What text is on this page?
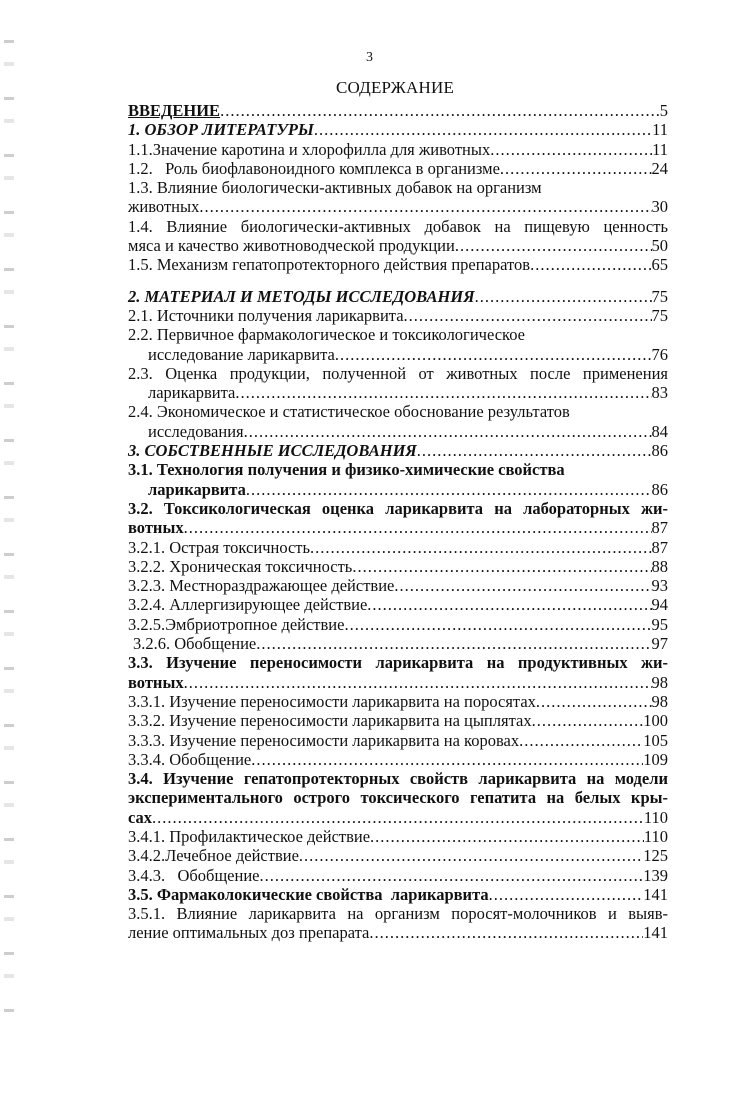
3
СОДЕРЖАНИЕ
ВВЕДЕНИЕ .....	5
1. ОБЗОР ЛИТЕРАТУРЫ .....	11
1.1.Значение каротина и хлорофилла для животных .....	11
1.2.   Роль биофлавоноидного комплекса в организме .....	24
1.3. Влияние биологически-активных добавок на организм
животных .....	30
1.4. Влияние биологически-активных добавок на пищевую ценность
мяса и качество животноводческой продукции .....	50
1.5. Механизм гепатопротекторного действия препаратов .....	65
2. МАТЕРИАЛ И МЕТОДЫ ИССЛЕДОВАНИЯ .....	75
2.1. Источники получения ларикарвита .....	75
2.2. Первичное фармакологическое и токсикологическое
исследование ларикарвита .....	76
2.3. Оценка продукции, полученной от животных после применения
ларикарвита .....	83
2.4. Экономическое и статистическое обоснование результатов
исследования .....	84
3. СОБСТВЕННЫЕ ИССЛЕДОВАНИЯ .....	86
3.1. Технология получения и физико-химические свойства
ларикарвита .....	86
3.2. Токсикологическая оценка ларикарвита на лабораторных жи-
вотных .....	87
3.2.1. Острая токсичность .....	87
3.2.2. Хроническая токсичность .....	88
3.2.3. Местнораздражающее действие .....	93
3.2.4. Аллергизирующее действие .....	94
3.2.5.Эмбриотропное действие .....	95
3.2.6. Обобщение .....	97
3.3. Изучение переносимости ларикарвита на продуктивных жи-
вотных .....	98
3.3.1. Изучение переносимости ларикарвита на поросятах .....	98
3.3.2. Изучение переносимости ларикарвита на цыплятах .....	100
3.3.3. Изучение переносимости ларикарвита на коровах .....	105
3.3.4. Обобщение .....	109
3.4. Изучение гепатопротекторных свойств ларикарвита на модели
экспериментального острого токсического гепатита на белых кры-
сах .....	110
3.4.1. Профилактическое действие .....	110
3.4.2.Лечебное действие .....	125
3.4.3.   Обобщение .....	139
3.5. Фармаколокические свойства  ларикарвита .....	141
3.5.1. Влияние ларикарвита на организм поросят-молочников и выяв-
ление оптимальных доз препарата .....	141
